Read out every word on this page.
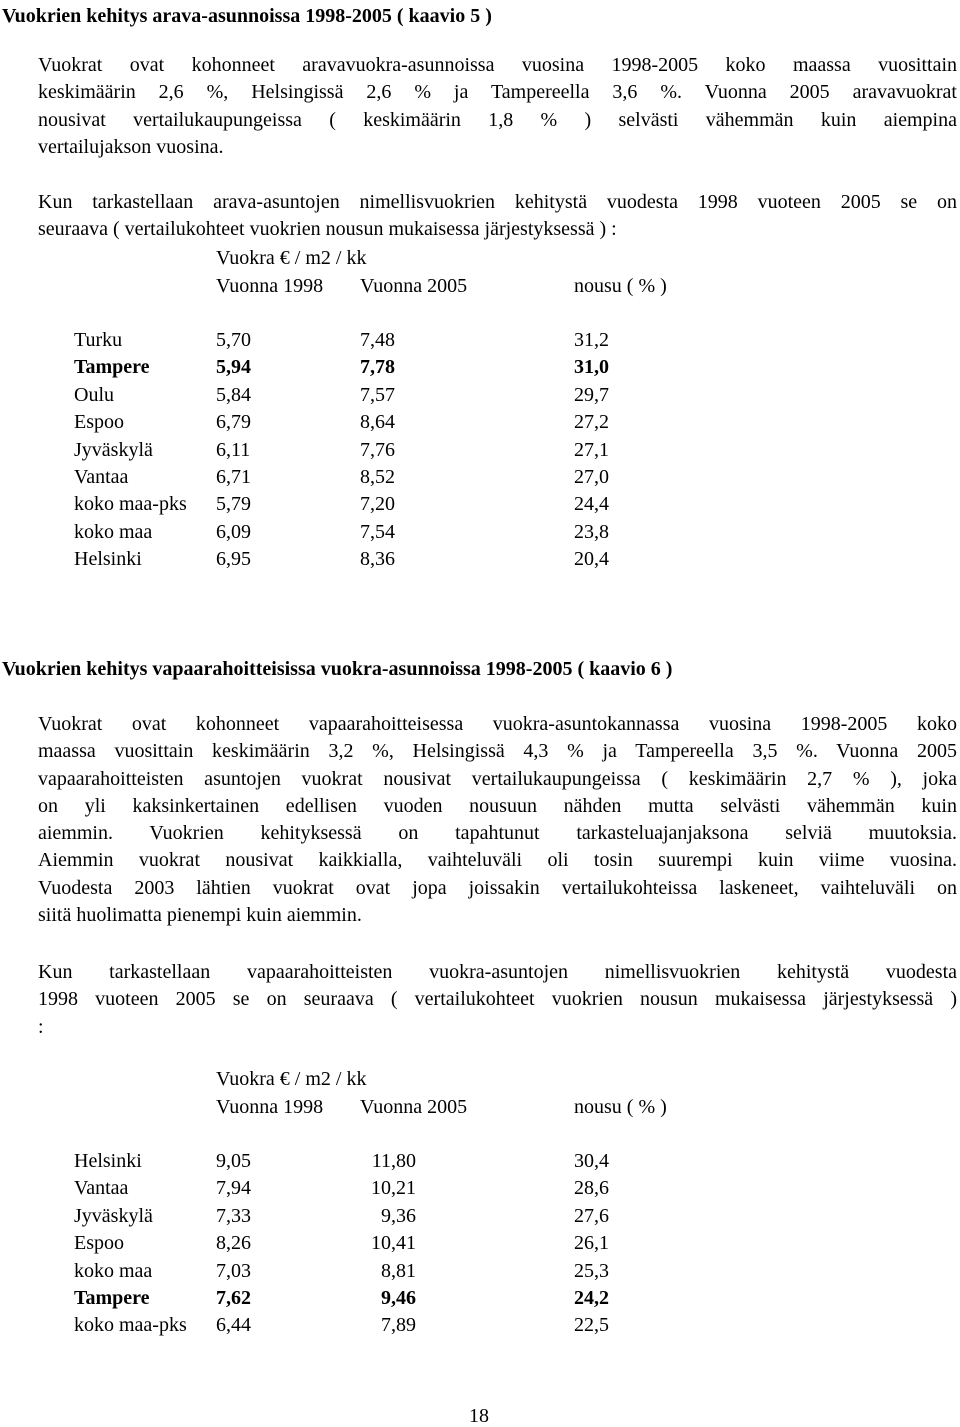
Vuokrien kehitys arava-asunnoissa 1998-2005 ( kaavio 5 )
Vuokrat ovat kohonneet aravavuokra-asunnoissa vuosina 1998-2005 koko maassa vuosittain
keskimäärin 2,6 %, Helsingissä 2,6 % ja Tampereella 3,6 %. Vuonna 2005 aravavuokrat
nousivat vertailukaupungeissa ( keskimäärin 1,8 % ) selvästi vähemmän kuin aiempina
vertailujakson vuosina.
Kun tarkastellaan arava-asuntojen nimellisvuokrien kehitystä vuodesta 1998 vuoteen 2005 se on
seuraava ( vertailukohteet vuokrien nousun mukaisessa järjestyksessä ) :
Vuokra € / m2 / kk
Vuonna 1998 Vuonna 2005	nousu ( % )
Turku	5,70	7,48	31,2
Tampere	5,94	7,78	31,0
Oulu	5,84	7,57	29,7
Espoo	6,79	8,64	27,2
Jyväskylä	6,11	7,76	27,1
Vantaa	6,71	8,52	27,0
koko maa-pks 5,79	7,20	24,4
koko maa	6,09	7,54	23,8
Helsinki	6,95	8,36	20,4
Vuokrien kehitys vapaarahoitteisissa vuokra-asunnoissa 1998-2005 ( kaavio 6 )
Vuokrat ovat kohonneet vapaarahoitteisessa vuokra-asuntokannassa vuosina 1998-2005 koko
maassa vuosittain keskimäärin 3,2 %, Helsingissä 4,3 % ja Tampereella 3,5 %. Vuonna 2005
vapaarahoitteisten asuntojen vuokrat nousivat vertailukaupungeissa ( keskimäärin 2,7 % ), joka
on yli kaksinkertainen edellisen vuoden nousuun nähden mutta selvästi vähemmän kuin
aiemmin. Vuokrien kehityksessä on tapahtunut tarkasteluajanjaksona selviä muutoksia.
Aiemmin vuokrat nousivat kaikkialla, vaihteluväli oli tosin suurempi kuin viime vuosina.
Vuodesta 2003 lähtien vuokrat ovat jopa joissakin vertailukohteissa laskeneet, vaihteluväli on
siitä huolimatta pienempi kuin aiemmin.
Kun tarkastellaan vapaarahoitteisten vuokra-asuntojen nimellisvuokrien kehitystä vuodesta
1998 vuoteen 2005 se on seuraava ( vertailukohteet vuokrien nousun mukaisessa järjestyksessä )
:
Vuokra € / m2 / kk
Vuonna 1998 Vuonna 2005	nousu ( % )
Helsinki	9,05	11,80	30,4
Vantaa	7,94	10,21	28,6
Jyväskylä	7,33	9,36	27,6
Espoo	8,26	10,41	26,1
koko maa	7,03	8,81	25,3
Tampere	7,62	9,46	24,2
koko maa-pks 6,44	7,89	22,5
18
